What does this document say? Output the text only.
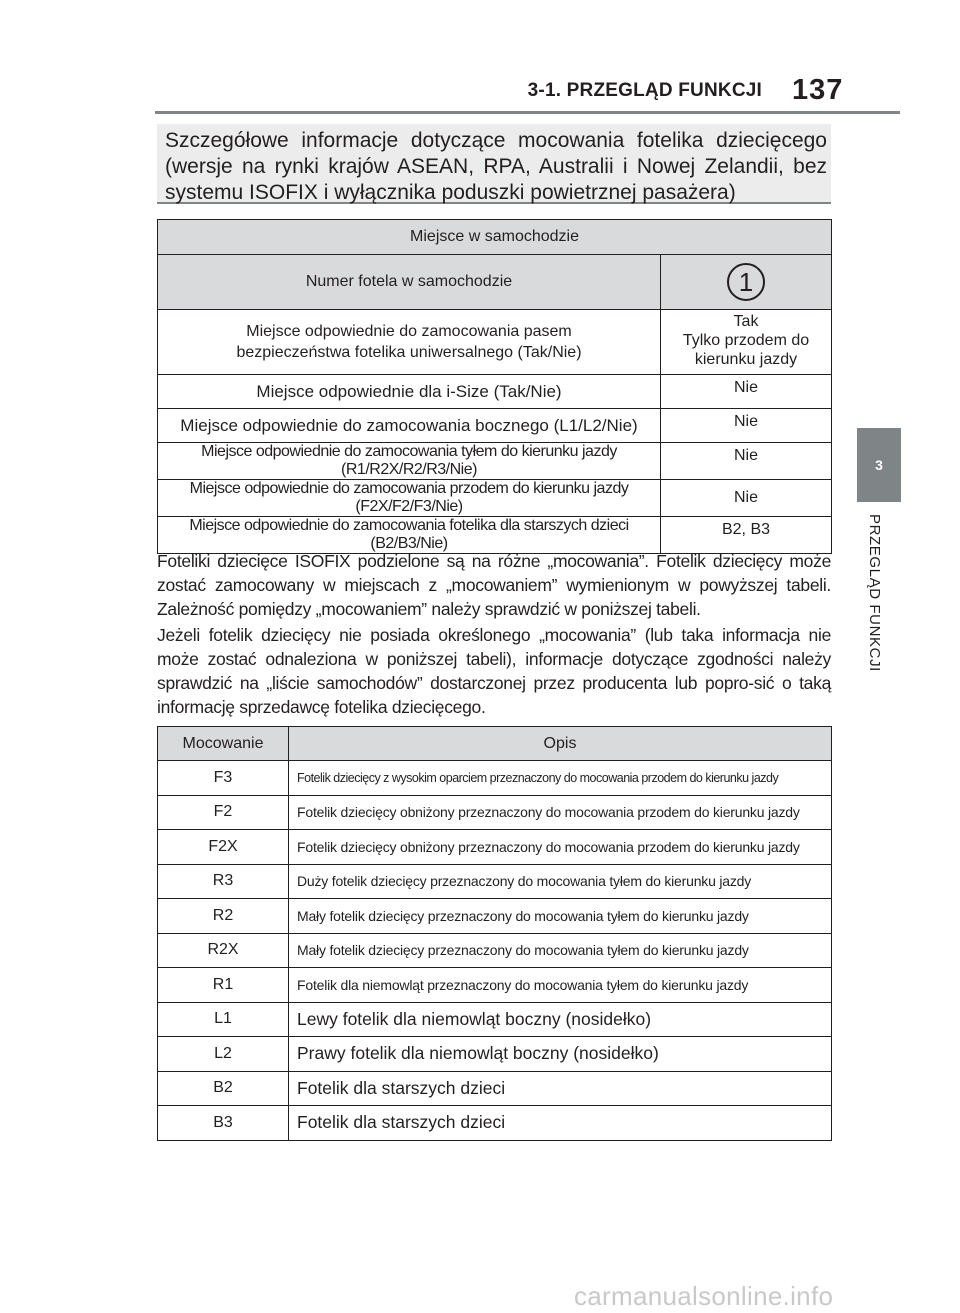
3-1. PRZEGLĄD FUNKCJI 137
3
PRZEGLĄD FUNKCJI
Szczegółowe informacje dotyczące mocowania fotelika dziecięcego (wersje na rynki krajów ASEAN, RPA, Australii i Nowej Zelandii, bez systemu ISOFIX i wyłącznika poduszki powietrznej pasażera)
Miejsce w samochodzie	
Numer fotela w samochodzie	1
Miejsce odpowiednie do zamocowania pasem bezpieczeństwa fotelika uniwersalnego (Tak/Nie)	Tak
Tylko przodem do kierunku jazdy

Miejsce odpowiednie dla i-Size (Tak/Nie)	Nie
Miejsce odpowiednie do zamocowania bocznego (L1/L2/Nie)	Nie
Miejsce odpowiednie do zamocowania tyłem do kierunku jazdy (R1/R2X/R2/R3/Nie)	Nie
Miejsce odpowiednie do zamocowania przodem do kierunku jazdy (F2X/F2/F3/Nie)	Nie
Miejsce odpowiednie do zamocowania fotelika dla starszych dzieci (B2/B3/Nie)	B2, B3
Foteliki dziecięce ISOFIX podzielone są na różne „mocowania”. Fotelik dziecięcy może zostać zamocowany w miejscach z „mocowaniem” wymienionym w powyższej tabeli. Zależność pomiędzy „mocowaniem” należy sprawdzić w poniższej tabeli.
Jeżeli fotelik dziecięcy nie posiada określonego „mocowania” (lub taka informacja nie może zostać odnaleziona w poniższej tabeli), informacje dotyczące zgodności należy sprawdzić na „liście samochodów” dostarczonej przez producenta lub popro-sić o taką informację sprzedawcę fotelika dziecięcego.
Mocowanie	Opis
F3	Fotelik dziecięcy z wysokim oparciem przeznaczony do mocowania przodem do kierunku jazdy
F2	Fotelik dziecięcy obniżony przeznaczony do mocowania przodem do kierunku jazdy
F2X	Fotelik dziecięcy obniżony przeznaczony do mocowania przodem do kierunku jazdy
R3	Duży fotelik dziecięcy przeznaczony do mocowania tyłem do kierunku jazdy
R2	Mały fotelik dziecięcy przeznaczony do mocowania tyłem do kierunku jazdy
R2X	Mały fotelik dziecięcy przeznaczony do mocowania tyłem do kierunku jazdy
R1	Fotelik dla niemowląt przeznaczony do mocowania tyłem do kierunku jazdy
L1	Lewy fotelik dla niemowląt boczny (nosidełko)
L2	Prawy fotelik dla niemowląt boczny (nosidełko)
B2	Fotelik dla starszych dzieci
B3	Fotelik dla starszych dzieci
carmanualsonline.info
